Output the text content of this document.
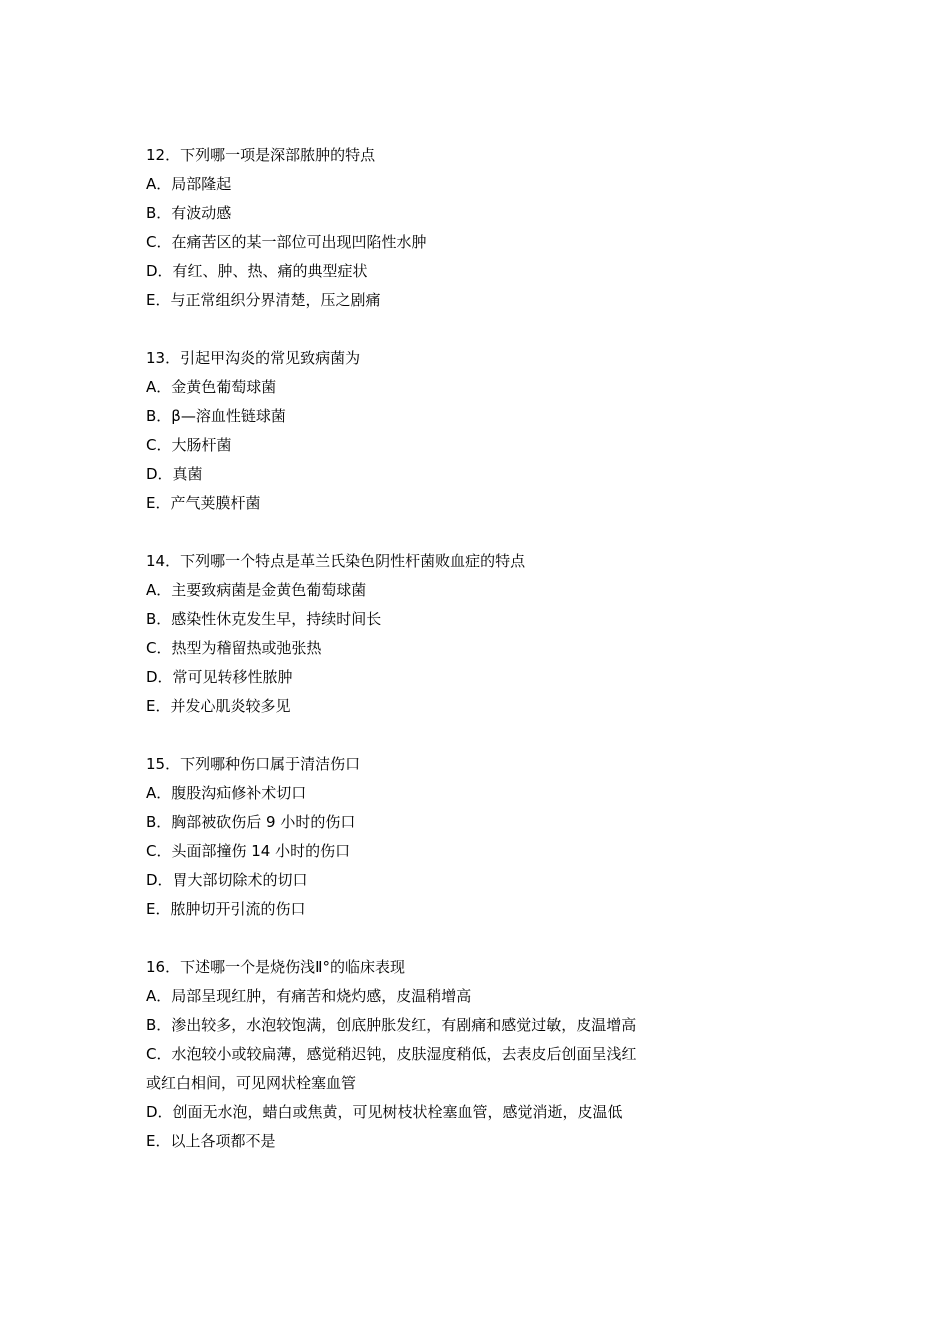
12．下列哪一项是深部脓肿的特点
A．局部隆起
B．有波动感
C．在痛苦区的某一部位可出现凹陷性水肿
D．有红、肿、热、痛的典型症状
E．与正常组织分界清楚，压之剧痛
13．引起甲沟炎的常见致病菌为
A．金黄色葡萄球菌
B．β—溶血性链球菌
C．大肠杆菌
D．真菌
E．产气荚膜杆菌
14．下列哪一个特点是革兰氏染色阴性杆菌败血症的特点
A．主要致病菌是金黄色葡萄球菌
B．感染性休克发生早，持续时间长
C．热型为稽留热或弛张热
D．常可见转移性脓肿
E．并发心肌炎较多见
15．下列哪种伤口属于清洁伤口
A．腹股沟疝修补术切口
B．胸部被砍伤后 9 小时的伤口
C．头面部撞伤 14 小时的伤口
D．胃大部切除术的切口
E．脓肿切开引流的伤口
16．下述哪一个是烧伤浅Ⅱ°的临床表现
A．局部呈现红肿，有痛苦和烧灼感，皮温稍增高
B．渗出较多，水泡较饱满，创底肿胀发红，有剧痛和感觉过敏，皮温增高
C．水泡较小或较扁薄，感觉稍迟钝，皮肤湿度稍低，去表皮后创面呈浅红或红白相间，可见网状栓塞血管
D．创面无水泡，蜡白或焦黄，可见树枝状栓塞血管，感觉消逝，皮温低
E．以上各项都不是
